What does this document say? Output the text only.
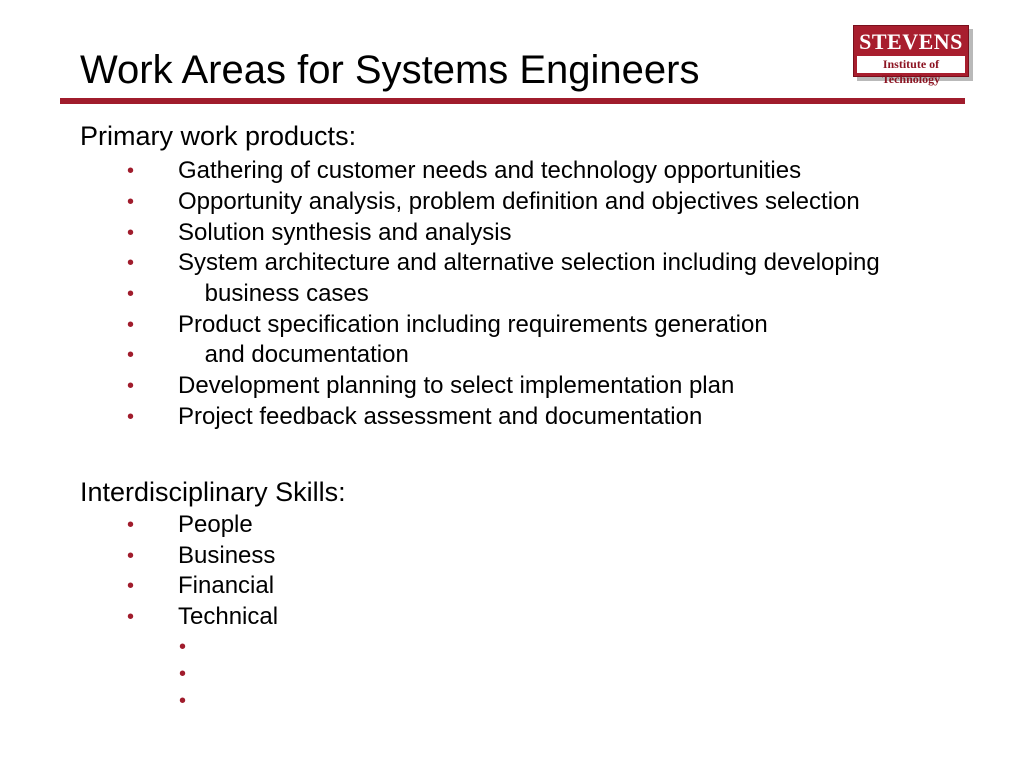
Work Areas for Systems Engineers
STEVENS
Institute of Technology
Primary work products:
• Gathering of customer needs and technology opportunities
• Opportunity analysis, problem definition and objectives selection
• Solution synthesis and analysis
• System architecture and alternative selection including developing
• business cases
• Product specification including requirements generation
• and documentation
• Development planning to select implementation plan
• Project feedback assessment and documentation
Interdisciplinary Skills:
• People
• Business
• Financial
• Technical
•
•
•
